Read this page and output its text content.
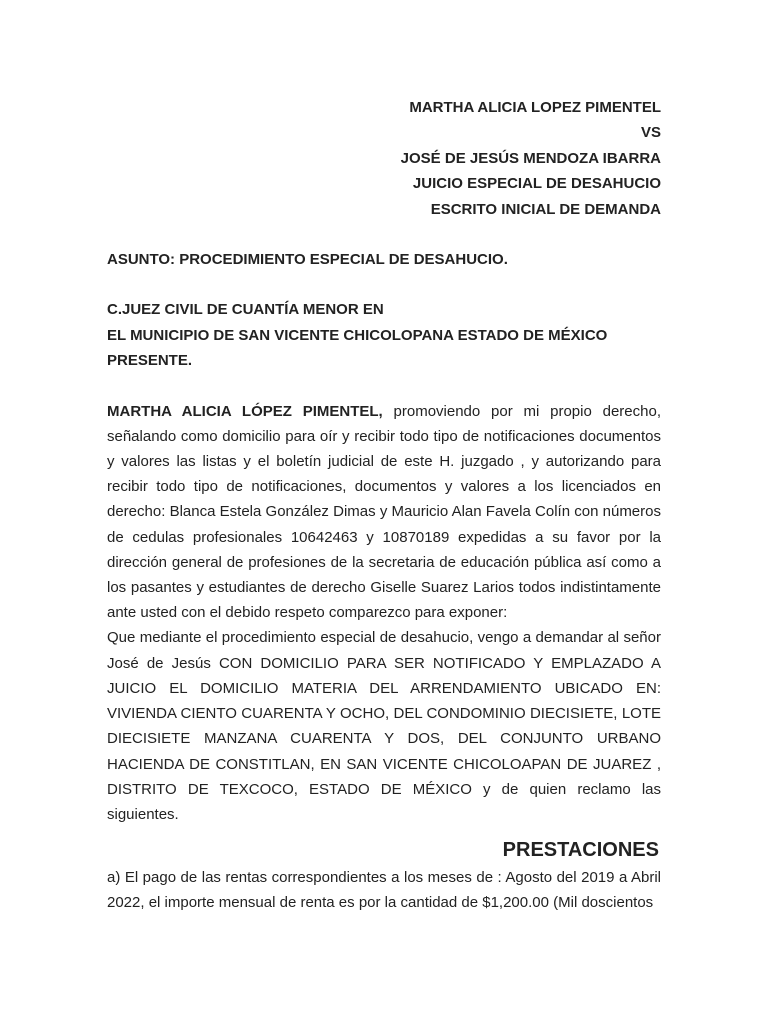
MARTHA ALICIA LOPEZ PIMENTEL
VS
JOSÉ DE JESÚS MENDOZA IBARRA
JUICIO ESPECIAL DE DESAHUCIO
ESCRITO INICIAL DE DEMANDA
ASUNTO: PROCEDIMIENTO ESPECIAL DE DESAHUCIO.
C.JUEZ CIVIL DE CUANTÍA MENOR EN
EL MUNICIPIO DE SAN VICENTE CHICOLOPANA ESTADO DE MÉXICO
PRESENTE.

MARTHA ALICIA LÓPEZ PIMENTEL, promoviendo por mi propio derecho, señalando como domicilio para oír y recibir todo tipo de notificaciones documentos y valores las listas y el boletín judicial de este H. juzgado , y autorizando para recibir todo tipo de notificaciones, documentos y valores a los licenciados en derecho: Blanca Estela González Dimas y Mauricio Alan Favela Colín con números de cedulas profesionales 10642463 y 10870189 expedidas a su favor por la dirección general de profesiones de la secretaria de educación pública así como a los pasantes y estudiantes de derecho Giselle Suarez Larios todos indistintamente ante usted con el debido respeto comparezco para exponer:

Que mediante el procedimiento especial de desahucio, vengo a demandar al señor José de Jesús CON DOMICILIO PARA SER NOTIFICADO Y EMPLAZADO A JUICIO EL DOMICILIO MATERIA DEL ARRENDAMIENTO UBICADO EN: VIVIENDA CIENTO CUARENTA Y OCHO, DEL CONDOMINIO DIECISIETE, LOTE DIECISIETE MANZANA CUARENTA Y DOS, DEL CONJUNTO URBANO HACIENDA DE CONSTITLAN, EN SAN VICENTE CHICOLOAPAN DE JUAREZ , DISTRITO DE TEXCOCO, ESTADO DE MÉXICO y de quien reclamo las siguientes.

PRESTACIONES

a) El pago de las rentas correspondientes a los meses de : Agosto del 2019 a Abril 2022, el importe mensual de renta es por la cantidad de $1,200.00 (Mil doscientos
